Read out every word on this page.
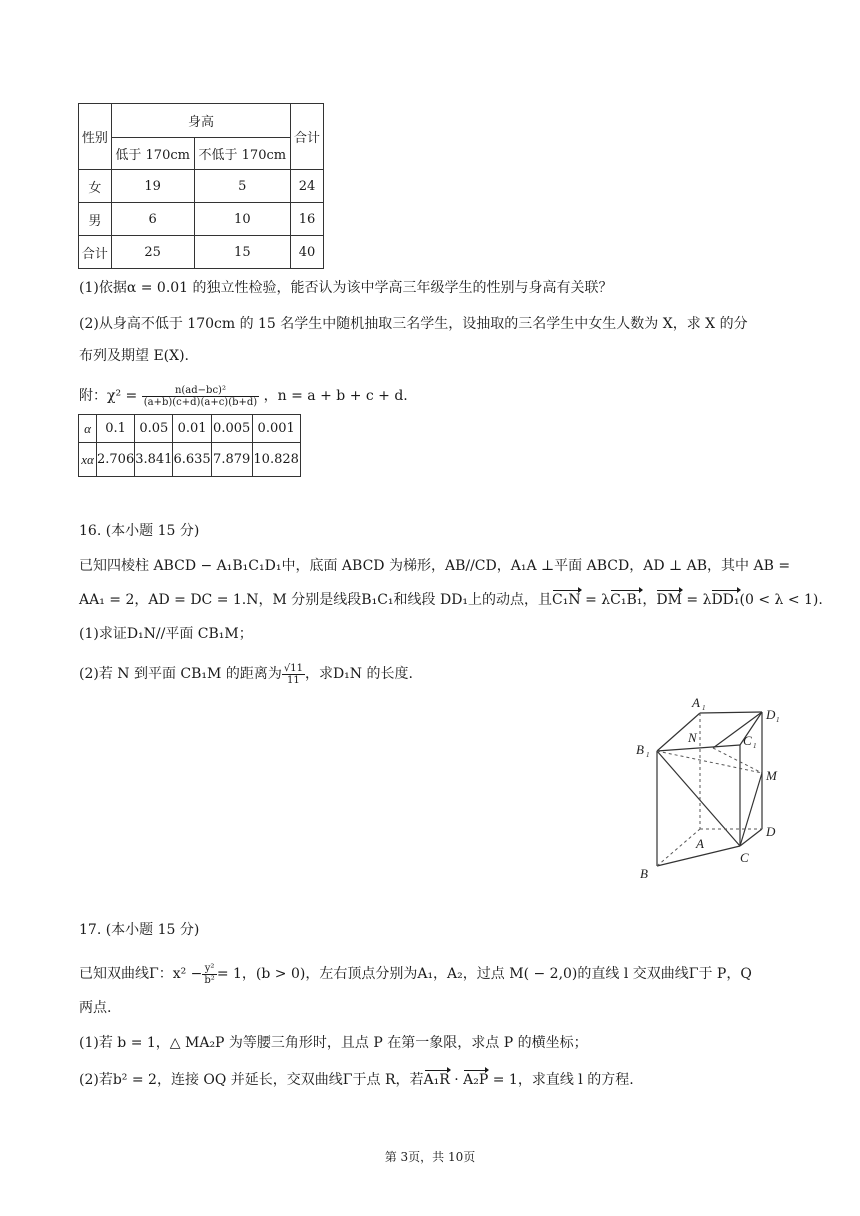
性别	身高		合计
	低于 170cm	不低于 170cm	
女	19	5	24
男	6	10	16
合计	25	15	40
(1)依据α = 0.01 的独立性检验，能否认为该中学高三年级学生的性别与身高有关联？
(2)从身高不低于 170cm 的 15 名学生中随机抽取三名学生，设抽取的三名学生中女生人数为 X，求 X 的分
布列及期望 E(X).
附：$\chi^2 = \frac{\text{n(ad−bc)²}}{(a+b)(c+d)(a+c)(b+d)}$ ，n = a + b + c + d.
α	0.1	0.05	0.01	0.005	0.001
xα	2.706	3.841	6.635	7.879	10.828
16. (本小题 15 分)
已知四棱柱 ABCD − A₁B₁C₁D₁中，底面 ABCD 为梯形，AB//CD，A₁A ⊥平面 ABCD，AD ⊥ AB，其中 AB =
AA₁ = 2，AD = DC = 1.N，M 分别是线段B₁C₁和线段 DD₁上的动点，且C₁N = λC₁B₁，DM = λDD₁(0 < λ < 1).
(1)求证D₁N//平面 CB₁M；
(2)若 N 到平面 CB₁M 的距离为 $\frac{√11}{11}$ ，求D₁N 的长度.
A 1	D 1
B 1
N	C 1
M
A
D
B
C
17. (本小题 15 分)
已知双曲线Γ：$x^2 - \frac{\text{y²}}{\text{b²}} = 1$，(b > 0)，左右顶点分别为A₁，A₂，过点 M( − 2,0)的直线 l 交双曲线Γ于 P，Q
两点.
(1)若 b = 1，△ MA₂P 为等腰三角形时，且点 P 在第一象限，求点 P 的横坐标；
(2)若b² = 2，连接 OQ 并延长，交双曲线Γ于点 R，若A₁R · A₂P = 1，求直线 l 的方程.
第 3页，共 10页
